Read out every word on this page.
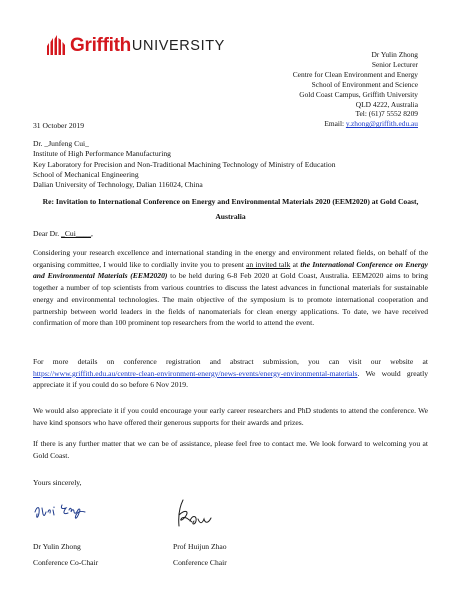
Griffith UNIVERSITY
Dr Yulin Zhong
Senior Lecturer
Centre for Clean Environment and Energy
School of Environment and Science
Gold Coast Campus, Griffith University
QLD 4222, Australia
Tel: (61)7 5552 8209
Email: y.zhong@griffith.edu.au
31 October 2019
Dr. _Junfeng Cui_
Institute of High Performance Manufacturing
Key Laboratory for Precision and Non-Traditional Machining Technology of Ministry of Education
School of Mechanical Engineering
Dalian University of Technology, Dalian 116024, China
Re: Invitation to International Conference on Energy and Environmental Materials 2020 (EEM2020) at Gold Coast, Australia
Dear Dr. _Cui____,
Considering your research excellence and international standing in the energy and environment related fields, on behalf of the organising committee, I would like to cordially invite you to present an invited talk at the International Conference on Energy and Environmental Materials (EEM2020) to be held during 6-8 Feb 2020 at Gold Coast, Australia. EEM2020 aims to bring together a number of top scientists from various countries to discuss the latest advances in functional materials for sustainable energy and environmental technologies. The main objective of the symposium is to promote international cooperation and partnership between world leaders in the fields of nanomaterials for clean energy applications. To date, we have received confirmation of more than 100 prominent top researchers from the world to attend the event.
For more details on conference registration and abstract submission, you can visit our website at https://www.griffith.edu.au/centre-clean-environment-energy/news-events/energy-environmental-materials. We would greatly appreciate it if you could do so before 6 Nov 2019.
We would also appreciate it if you could encourage your early career researchers and PhD students to attend the conference. We have kind sponsors who have offered their generous supports for their awards and prizes.
If there is any further matter that we can be of assistance, please feel free to contact me. We look forward to welcoming you at Gold Coast.
Yours sincerely,
Dr Yulin Zhong
Conference Co-Chair
Prof Huijun Zhao
Conference Chair
